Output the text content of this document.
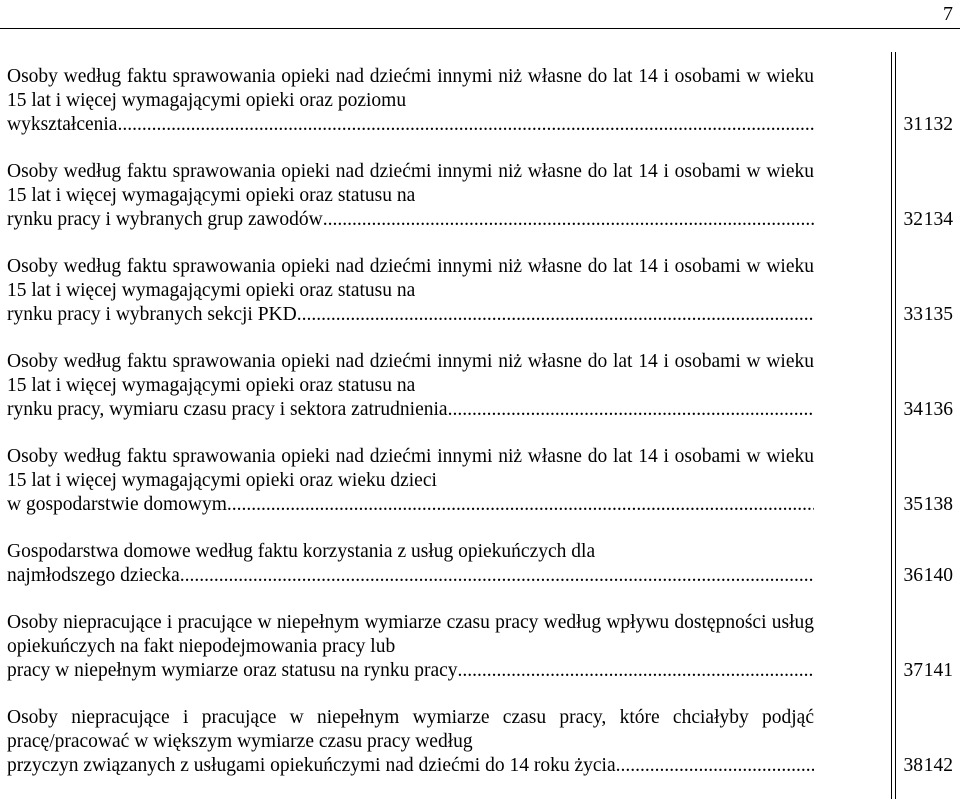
7
Osoby według faktu sprawowania opieki nad dziećmi innymi niż własne do lat 14 i osobami w wieku 15 lat i więcej wymagającymi opieki oraz poziomu
wykształcenia .....	31 132
Osoby według faktu sprawowania opieki nad dziećmi innymi niż własne do lat 14 i osobami w wieku 15 lat i więcej wymagającymi opieki oraz statusu na
rynku pracy i wybranych grup zawodów .....	32 134
Osoby według faktu sprawowania opieki nad dziećmi innymi niż własne do lat 14 i osobami w wieku 15 lat i więcej wymagającymi opieki oraz statusu na
rynku pracy i wybranych sekcji PKD .....	33 135
Osoby według faktu sprawowania opieki nad dziećmi innymi niż własne do lat 14 i osobami w wieku 15 lat i więcej wymagającymi opieki oraz statusu na
rynku pracy, wymiaru czasu pracy i sektora zatrudnienia .....	34 136
Osoby według faktu sprawowania opieki nad dziećmi innymi niż własne do lat 14 i osobami w wieku 15 lat i więcej wymagającymi opieki oraz wieku dzieci
w gospodarstwie domowym .....	35 138
Gospodarstwa domowe według faktu korzystania z usług opiekuńczych dla
najmłodszego dziecka .....	36 140
Osoby niepracujące i pracujące w niepełnym wymiarze czasu pracy według wpływu dostępności usług opiekuńczych na fakt niepodejmowania pracy lub
pracy w niepełnym wymiarze oraz statusu na rynku pracy .....	37 141
Osoby niepracujące i pracujące w niepełnym wymiarze czasu pracy, które chciałyby podjąć pracę/pracować w większym wymiarze czasu pracy według
przyczyn związanych z usługami opiekuńczymi nad dziećmi do 14 roku życia .....	38 142
